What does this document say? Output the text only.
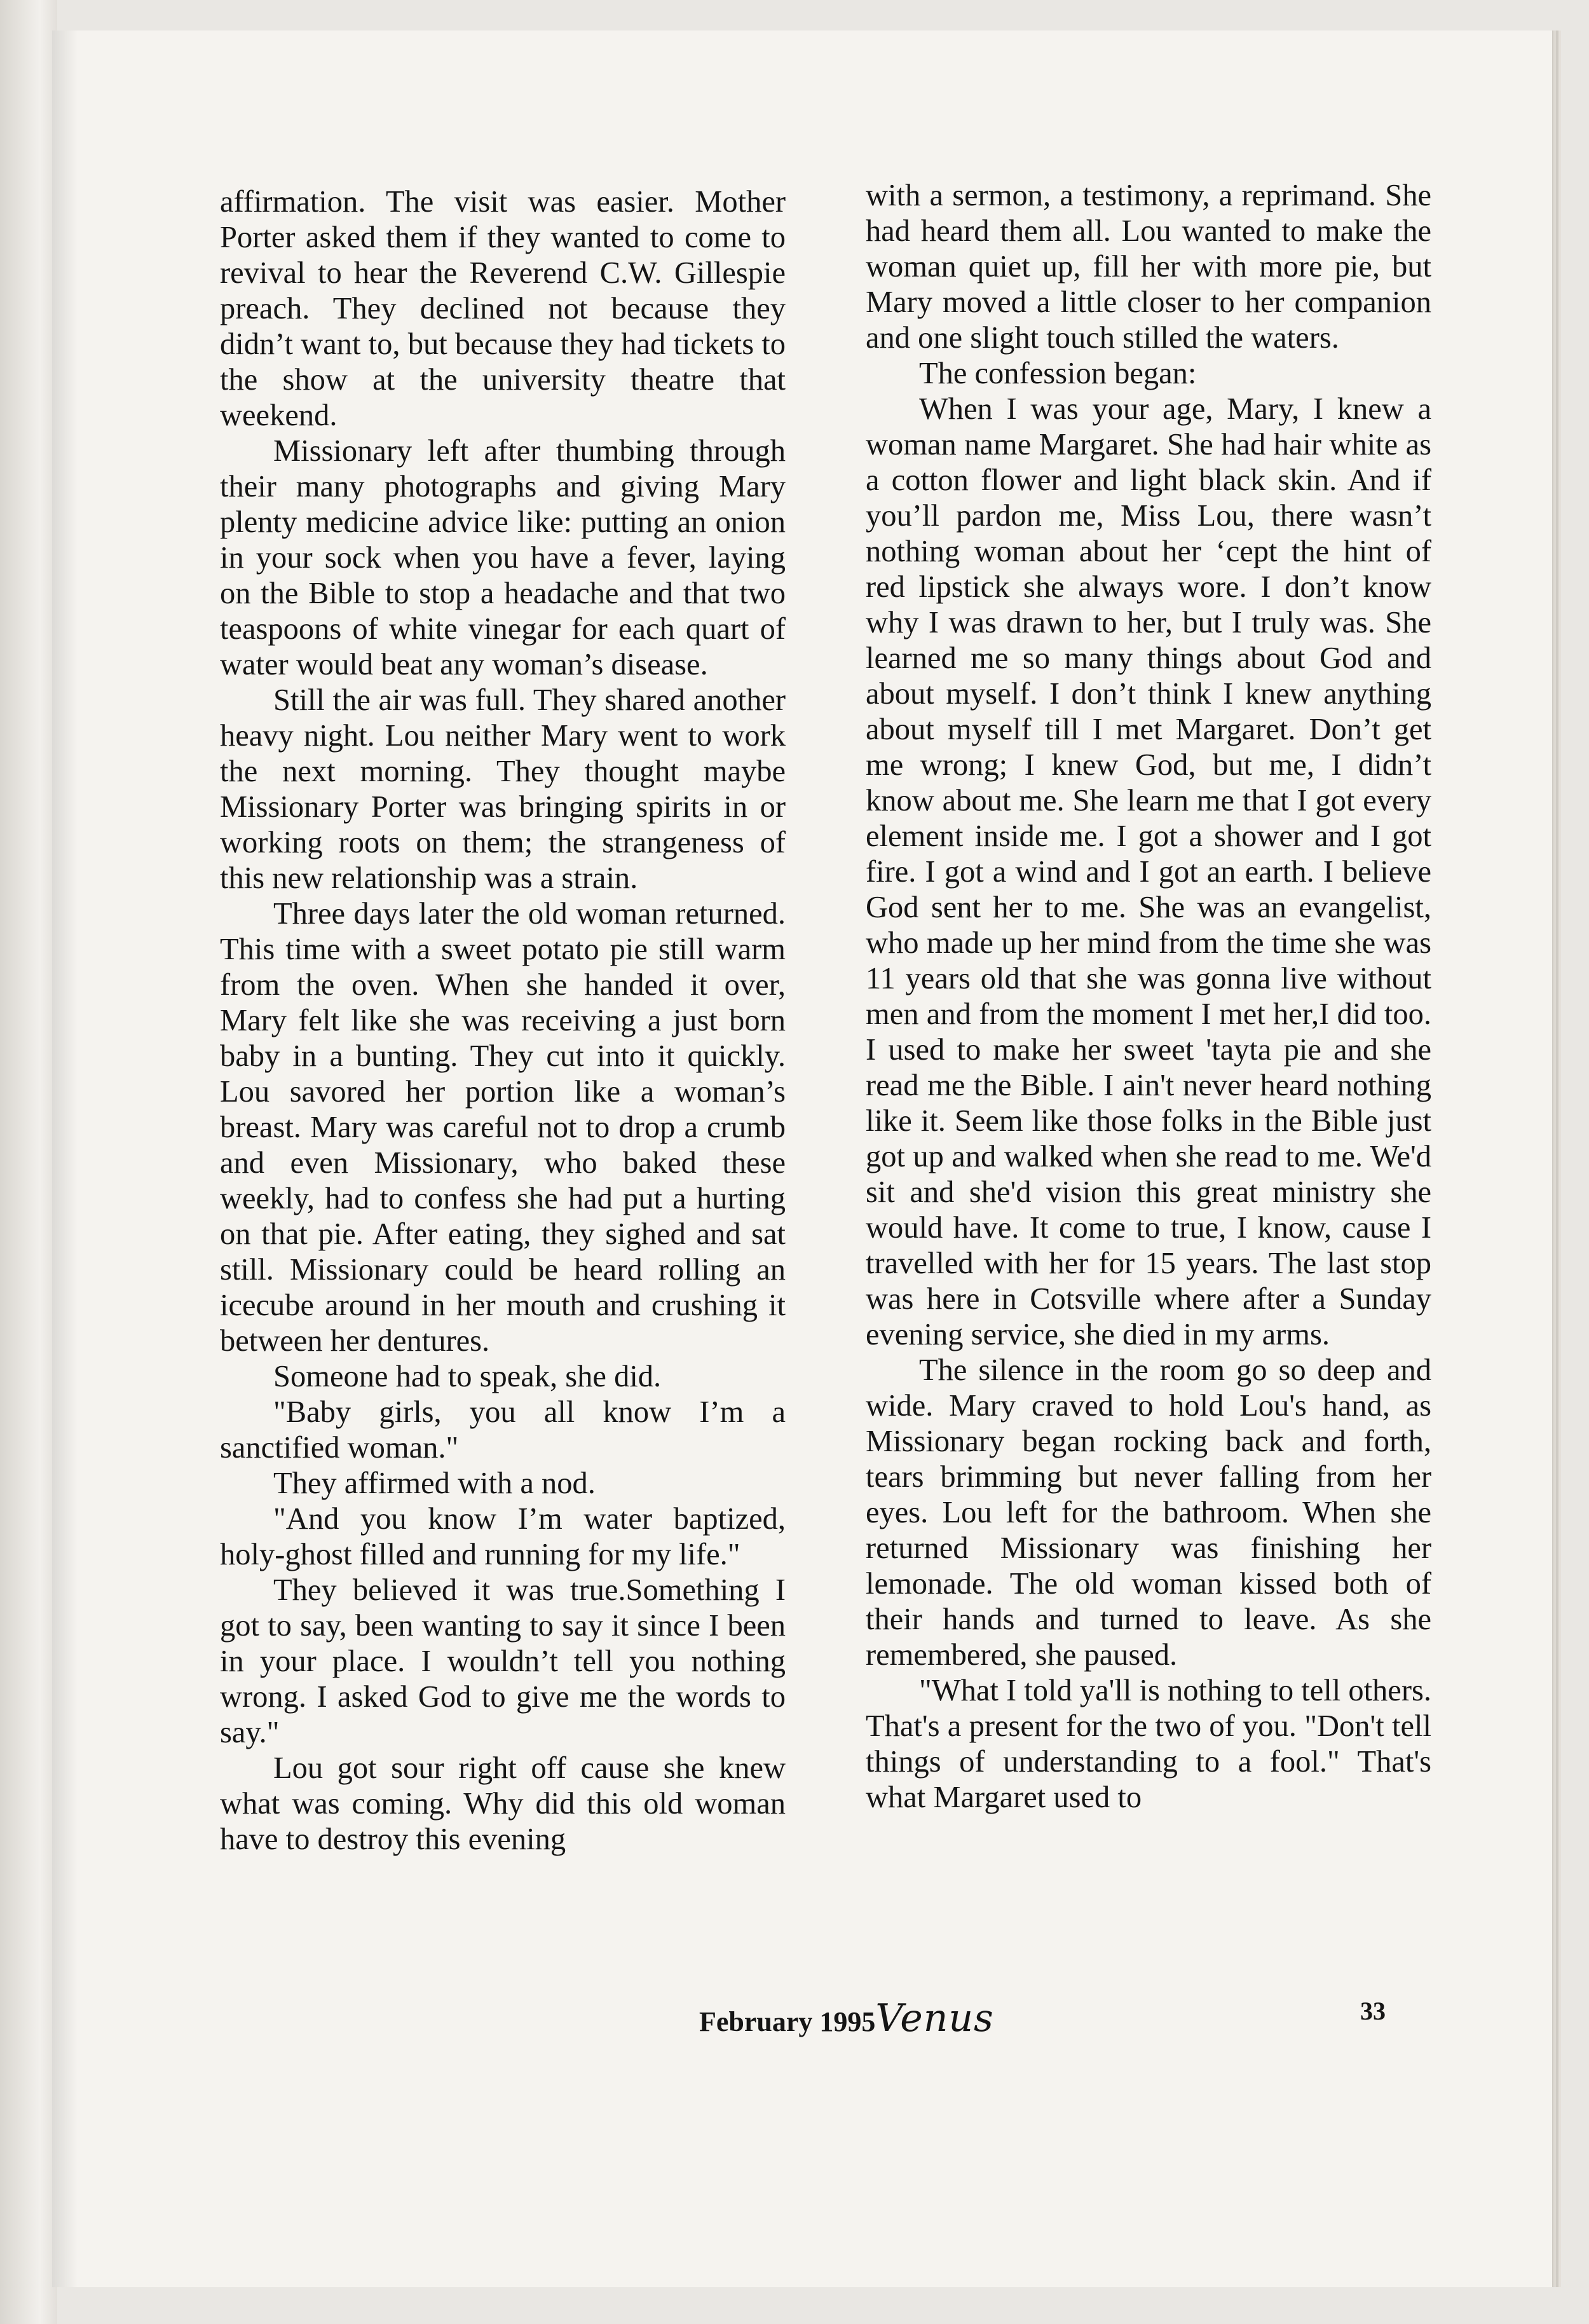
affirmation. The visit was easier. Mother Porter asked them if they wanted to come to revival to hear the Reverend C.W. Gillespie preach. They declined not because they didn’t want to, but because they had tickets to the show at the university theatre that weekend.

Missionary left after thumbing through their many photographs and giving Mary plenty medicine advice like: putting an onion in your sock when you have a fever, laying on the Bible to stop a headache and that two teaspoons of white vinegar for each quart of water would beat any woman’s disease.

Still the air was full. They shared another heavy night. Lou neither Mary went to work the next morning. They thought maybe Missionary Porter was bringing spirits in or working roots on them; the strangeness of this new relationship was a strain.

Three days later the old woman returned. This time with a sweet potato pie still warm from the oven. When she handed it over, Mary felt like she was receiving a just born baby in a bunting. They cut into it quickly. Lou savored her portion like a woman’s breast. Mary was careful not to drop a crumb and even Missionary, who baked these weekly, had to confess she had put a hurting on that pie. After eating, they sighed and sat still. Missionary could be heard rolling an icecube around in her mouth and crushing it between her dentures.

Someone had to speak, she did.

"Baby girls, you all know I’m a sanctified woman."

They affirmed with a nod.

"And you know I’m water baptized, holy-ghost filled and running for my life."

They believed it was true.Something I got to say, been wanting to say it since I been in your place. I wouldn’t tell you nothing wrong. I asked God to give me the words to say."

Lou got sour right off cause she knew what was coming. Why did this old woman have to destroy this evening

with a sermon, a testimony, a reprimand. She had heard them all. Lou wanted to make the woman quiet up, fill her with more pie, but Mary moved a little closer to her companion and one slight touch stilled the waters.

The confession began:

When I was your age, Mary, I knew a woman name Margaret. She had hair white as a cotton flower and light black skin. And if you’ll pardon me, Miss Lou, there wasn’t nothing woman about her ‘cept the hint of red lipstick she always wore. I don’t know why I was drawn to her, but I truly was. She learned me so many things about God and about myself. I don’t think I knew anything about myself till I met Margaret. Don’t get me wrong; I knew God, but me, I didn’t know about me. She learn me that I got every element inside me. I got a shower and I got fire. I got a wind and I got an earth. I believe God sent her to me. She was an evangelist, who made up her mind from the time she was 11 years old that she was gonna live without men and from the moment I met her,I did too. I used to make her sweet 'tayta pie and she read me the Bible. I ain't never heard nothing like it. Seem like those folks in the Bible just got up and walked when she read to me. We'd sit and she'd vision this great ministry she would have. It come to true, I know, cause I travelled with her for 15 years. The last stop was here in Cotsville where after a Sunday evening service, she died in my arms.

The silence in the room go so deep and wide. Mary craved to hold Lou's hand, as Missionary began rocking back and forth, tears brimming but never falling from her eyes. Lou left for the bathroom. When she returned Missionary was finishing her lemonade. The old woman kissed both of their hands and turned to leave. As she remembered, she paused.

"What I told ya'll is nothing to tell others. That's a present for the two of you. "Don't tell things of understanding to a fool." That's what Margaret used to

February 1995Venus	33
